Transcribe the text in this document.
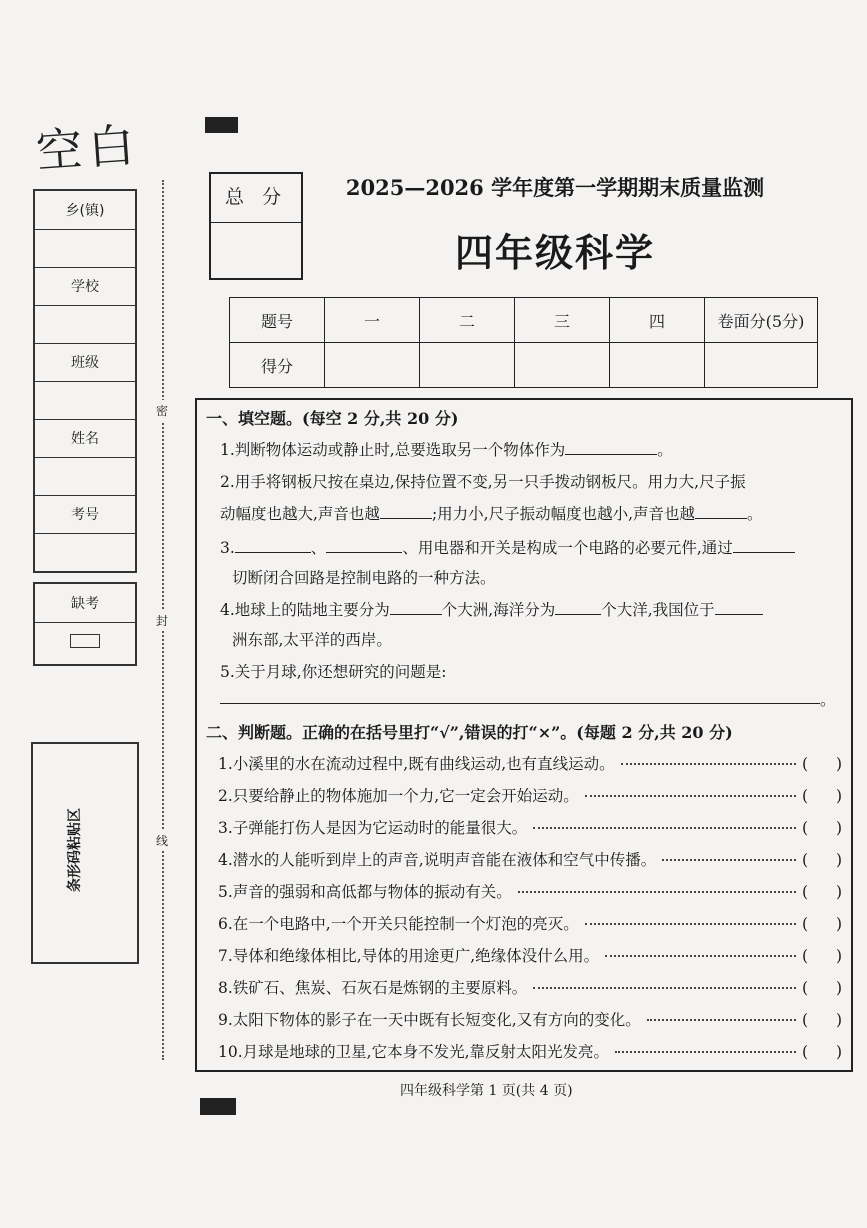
空白
乡(镇)
学校
班级
姓名
考号
缺考
条形码粘贴区
密
封
线
总 分	2025—2026 学年度第一学期期末质量监测
四年级科学
题号	一	二	三	四	卷面分(5分)
得分					
一、填空题。(每空 2 分,共 20 分)
1.判断物体运动或静止时,总要选取另一个物体作为	。
2.用手将钢板尺按在桌边,保持位置不变,另一只手拨动钢板尺。用力大,尺子振
动幅度也越大,声音也越	;用力小,尺子振动幅度也越小,声音也越	。
3.	、	、用电器和开关是构成一个电路的必要元件,通过
切断闭合回路是控制电路的一种方法。
4.地球上的陆地主要分为	个大洲,海洋分为	个大洋,我国位于
洲东部,太平洋的西岸。
5.关于月球,你还想研究的问题是:
。
二、判断题。正确的在括号里打“√”,错误的打“×”。(每题 2 分,共 20 分)
1.小溪里的水在流动过程中,既有曲线运动,也有直线运动。	( )
2.只要给静止的物体施加一个力,它一定会开始运动。	( )
3.子弹能打伤人是因为它运动时的能量很大。	( )
4.潜水的人能听到岸上的声音,说明声音能在液体和空气中传播。	( )
5.声音的强弱和高低都与物体的振动有关。	( )
6.在一个电路中,一个开关只能控制一个灯泡的亮灭。	( )
7.导体和绝缘体相比,导体的用途更广,绝缘体没什么用。	( )
8.铁矿石、焦炭、石灰石是炼钢的主要原料。	( )
9.太阳下物体的影子在一天中既有长短变化,又有方向的变化。	( )
10.月球是地球的卫星,它本身不发光,靠反射太阳光发亮。	( )
四年级科学第 1 页(共 4 页)
